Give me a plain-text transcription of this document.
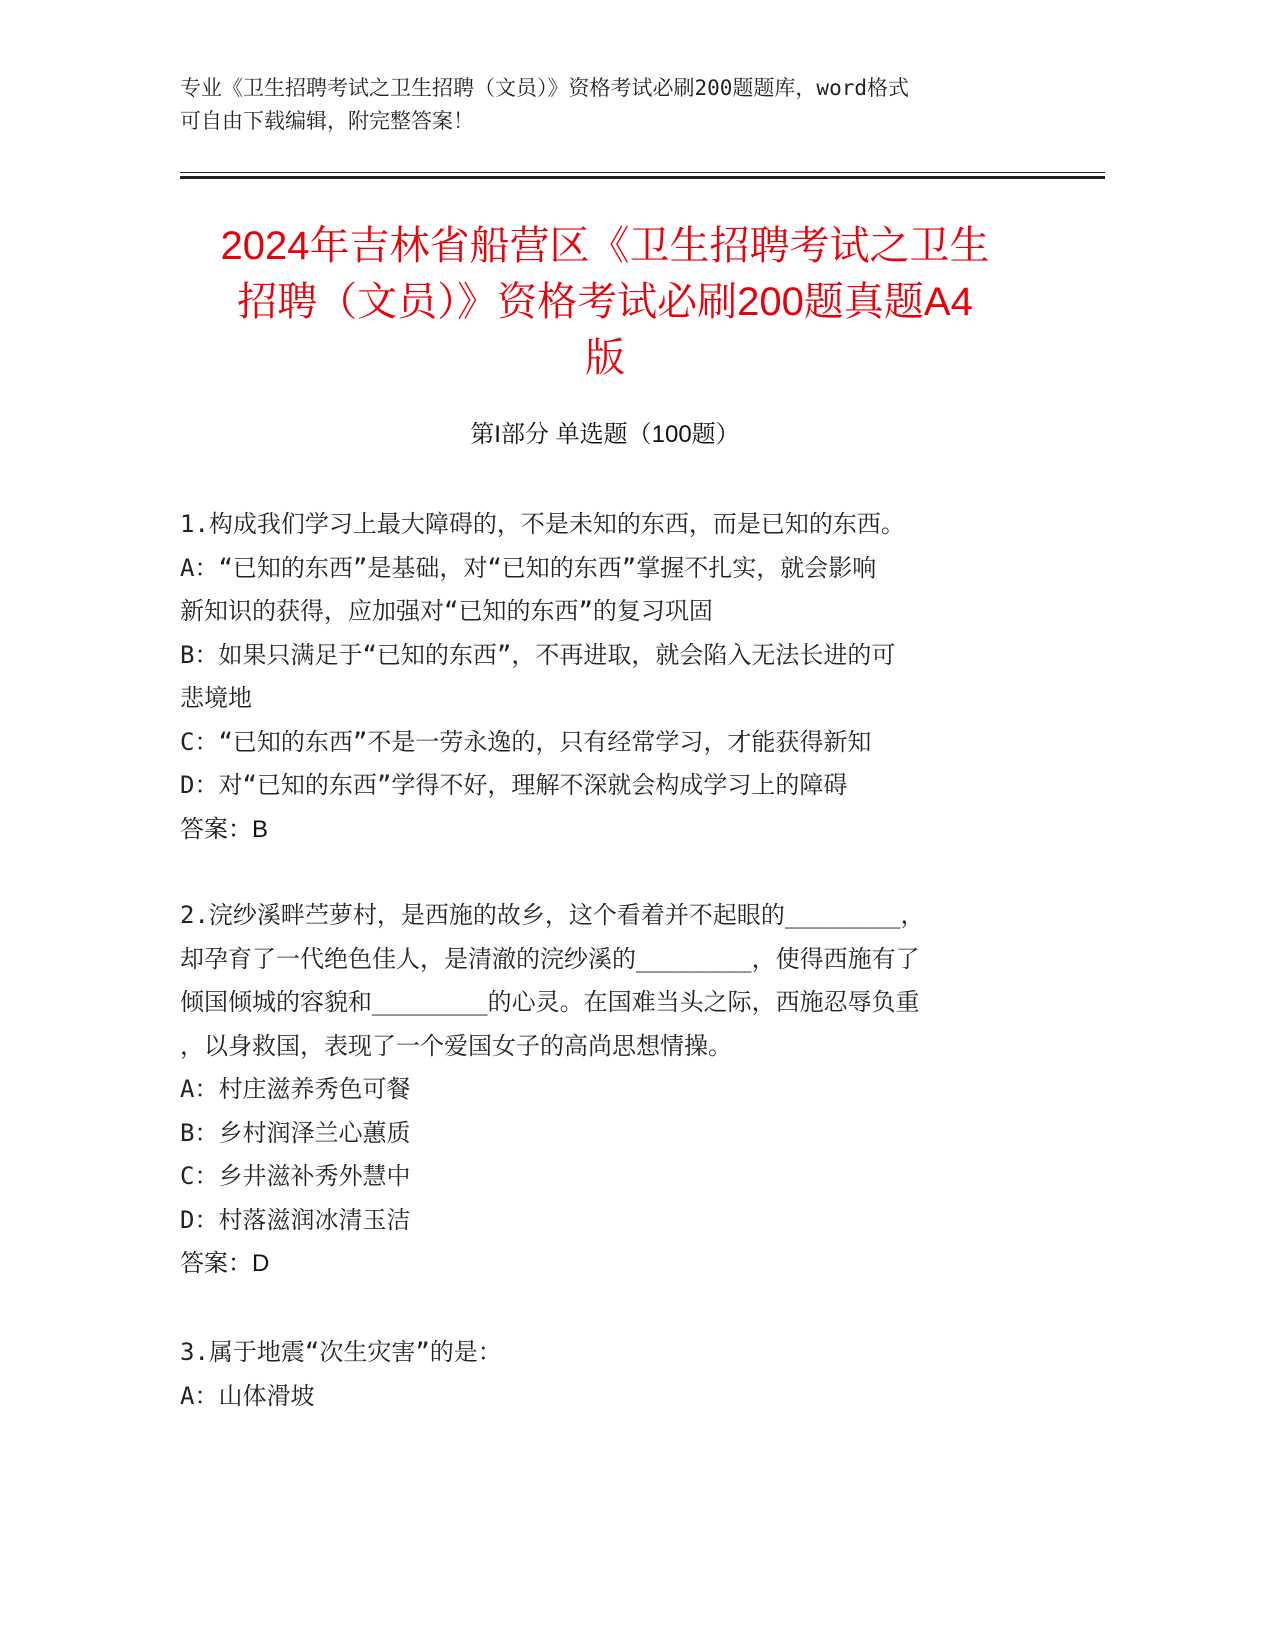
专业《卫生招聘考试之卫生招聘（文员）》资格考试必刷200题题库，word格式
可自由下载编辑，附完整答案！
2024年吉林省船营区《卫生招聘考试之卫生
招聘（文员）》资格考试必刷200题真题A4
版
第I部分 单选题（100题）

1.构成我们学习上最大障碍的，不是未知的东西，而是已知的东西。

A：“已知的东西”是基础，对“已知的东西”掌握不扎实，就会影响

新知识的获得，应加强对“已知的东西”的复习巩固

B：如果只满足于“已知的东西”，不再进取，就会陷入无法长进的可

悲境地

C：“已知的东西”不是一劳永逸的，只有经常学习，才能获得新知

D：对“已知的东西”学得不好，理解不深就会构成学习上的障碍

答案：B

2.浣纱溪畔苎萝村，是西施的故乡，这个看着并不起眼的________，

却孕育了一代绝色佳人，是清澈的浣纱溪的________，使得西施有了

倾国倾城的容貌和________的心灵。在国难当头之际，西施忍辱负重

，以身救国，表现了一个爱国女子的高尚思想情操。

A：村庄滋养秀色可餐

B：乡村润泽兰心蕙质

C：乡井滋补秀外慧中

D：村落滋润冰清玉洁

答案：D

3.属于地震“次生灾害”的是：

A：山体滑坡
